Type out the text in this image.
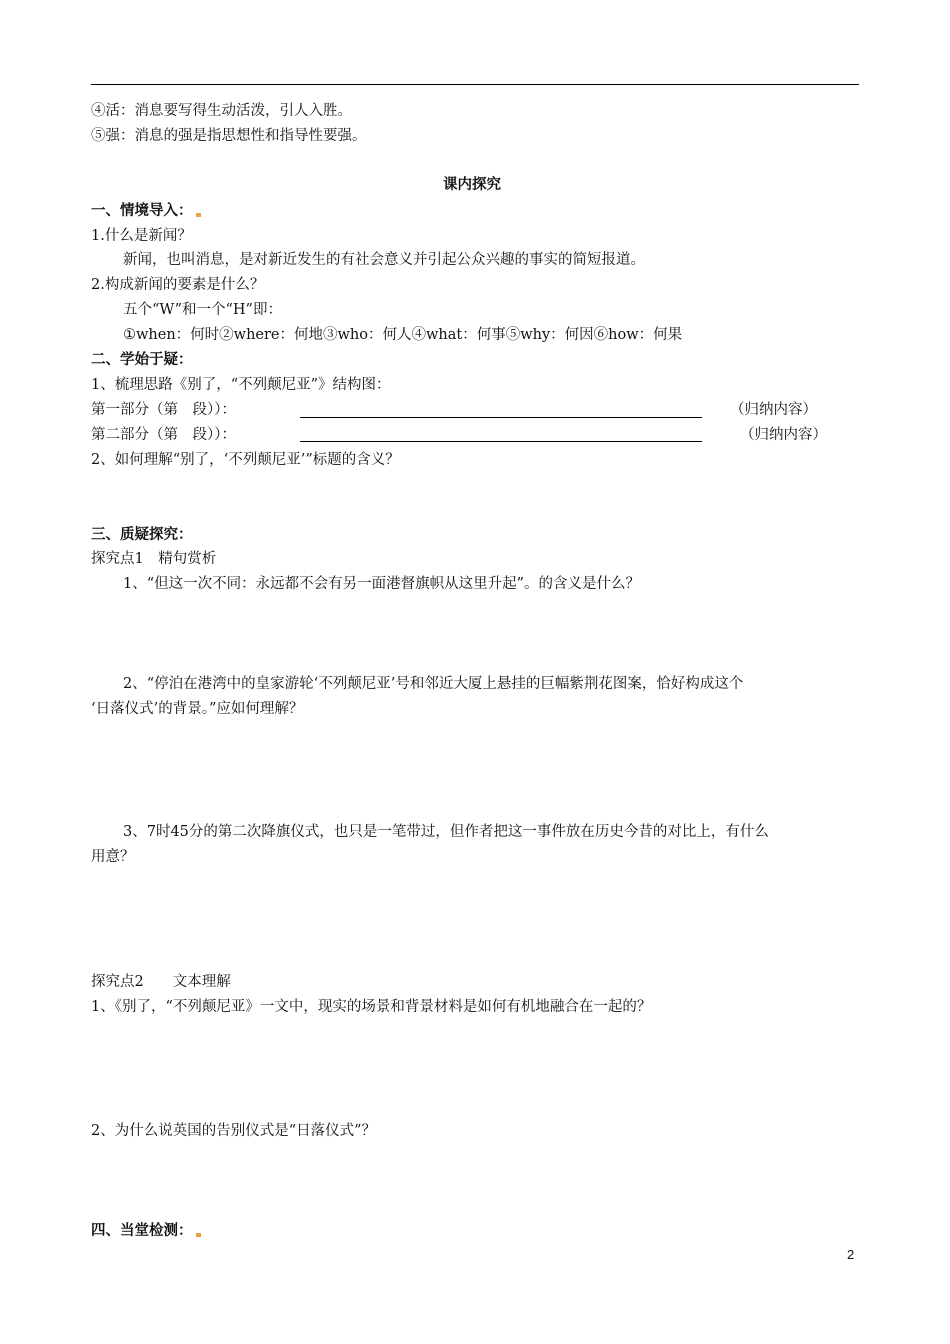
④活：消息要写得生动活泼，引人入胜。
⑤强：消息的强是指思想性和指导性要强。
课内探究
一、情境导入：
1.什么是新闻？
新闻，也叫消息，是对新近发生的有社会意义并引起公众兴趣的事实的简短报道。
2.构成新闻的要素是什么？
五个“W”和一个“H”即：
①when：何时②where：何地③who：何人④what：何事⑤why：何因⑥how：何果
二、学始于疑：
1、梳理思路《别了，“不列颠尼亚”》结构图：
第一部分（第　段））：	（归纳内容）
第二部分（第　段））：	（归纳内容）
2、如何理解“别了，‘不列颠尼亚’”标题的含义？
三、质疑探究：
探究点1　精句赏析
1、“但这一次不同：永远都不会有另一面港督旗帜从这里升起”。的含义是什么？
2、“停泊在港湾中的皇家游轮‘不列颠尼亚’号和邻近大厦上悬挂的巨幅紫荆花图案，恰好构成这个
‘日落仪式’的背景。”应如何理解？
3、7时45分的第二次降旗仪式，也只是一笔带过，但作者把这一事件放在历史今昔的对比上，有什么
用意？
探究点2　　文本理解
1、《别了，“不列颠尼亚》一文中，现实的场景和背景材料是如何有机地融合在一起的？
2、为什么说英国的告别仪式是“日落仪式”？
四、当堂检测：
2
